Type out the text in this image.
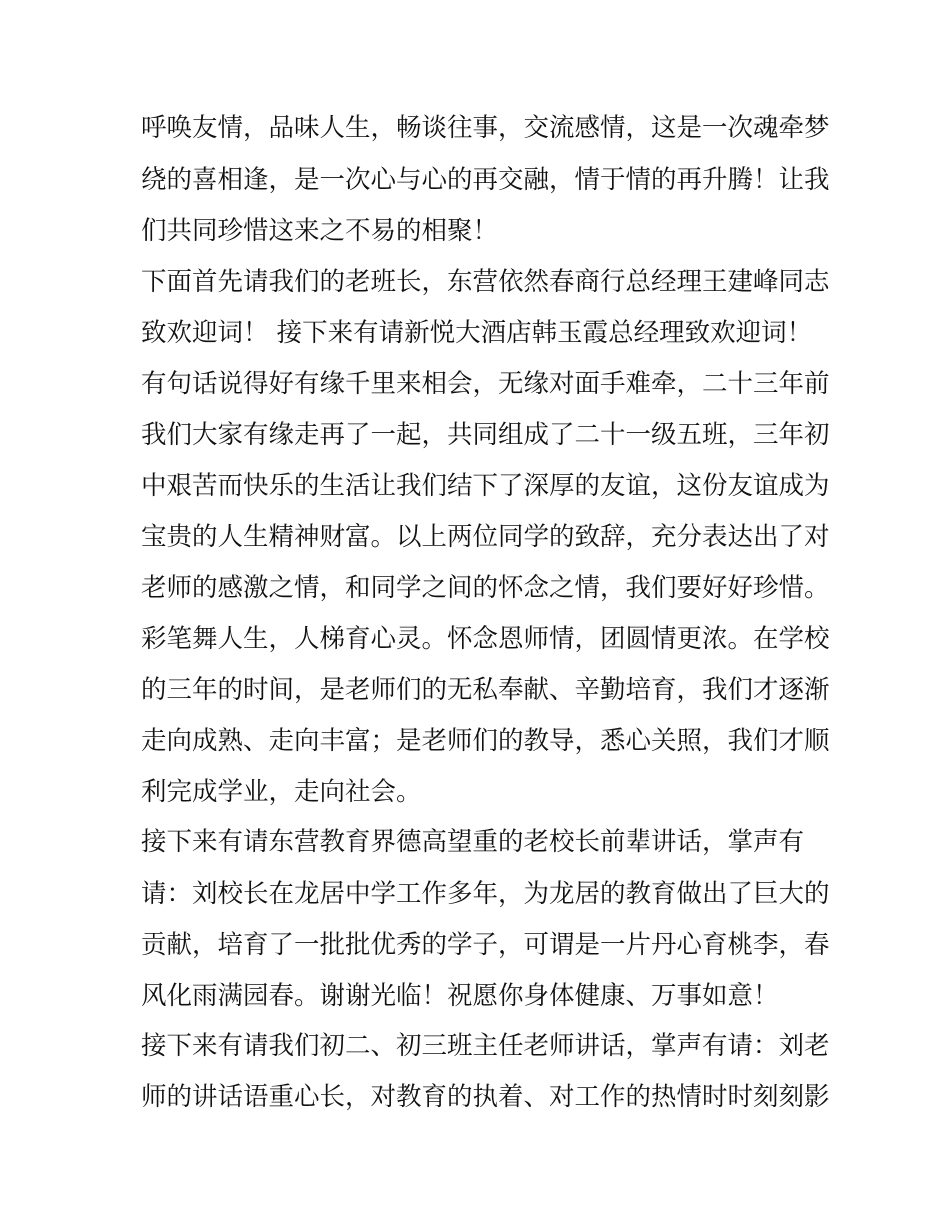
呼唤友情，品味人生，畅谈往事，交流感情，这是一次魂牵梦
绕的喜相逢，是一次心与心的再交融，情于情的再升腾！让我
们共同珍惜这来之不易的相聚！
下面首先请我们的老班长，东营依然春商行总经理王建峰同志
致欢迎词！ 接下来有请新悦大酒店韩玉霞总经理致欢迎词！
有句话说得好有缘千里来相会，无缘对面手难牵，二十三年前
我们大家有缘走再了一起，共同组成了二十一级五班，三年初
中艰苦而快乐的生活让我们结下了深厚的友谊，这份友谊成为
宝贵的人生精神财富。以上两位同学的致辞，充分表达出了对
老师的感激之情，和同学之间的怀念之情，我们要好好珍惜。
彩笔舞人生，人梯育心灵。怀念恩师情，团圆情更浓。在学校
的三年的时间，是老师们的无私奉献、辛勤培育，我们才逐渐
走向成熟、走向丰富；是老师们的教导，悉心关照，我们才顺
利完成学业，走向社会。
接下来有请东营教育界德高望重的老校长前辈讲话，掌声有
请：刘校长在龙居中学工作多年，为龙居的教育做出了巨大的
贡献，培育了一批批优秀的学子，可谓是一片丹心育桃李，春
风化雨满园春。谢谢光临！祝愿你身体健康、万事如意！
接下来有请我们初二、初三班主任老师讲话，掌声有请：刘老
师的讲话语重心长，对教育的执着、对工作的热情时时刻刻影
